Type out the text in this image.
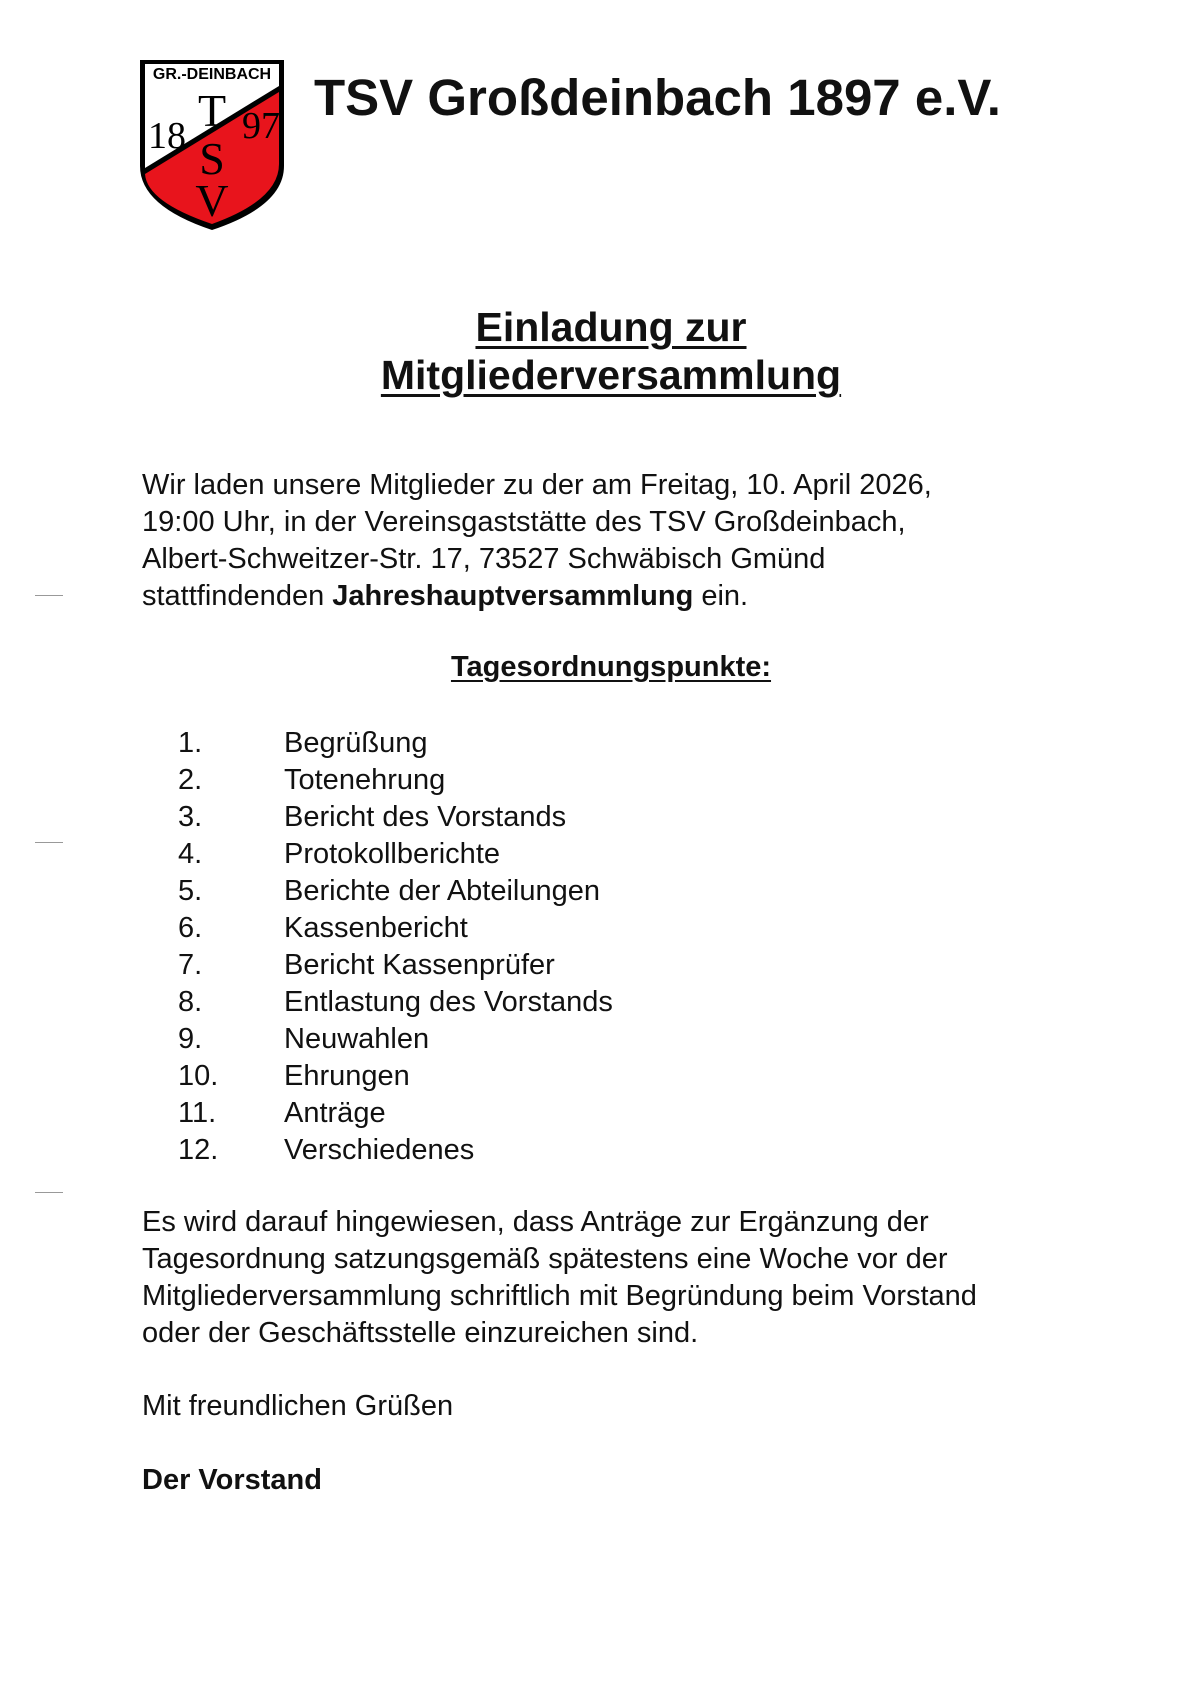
GR.-DEINBACH
18 97
T
S
V
TSV Großdeinbach 1897 e.V.
Einladung zur
Mitgliederversammlung

Wir laden unsere Mitglieder zu der am Freitag, 10. April 2026,

19:00 Uhr, in der Vereinsgaststätte des TSV Großdeinbach,

Albert-Schweitzer-Str. 17, 73527 Schwäbisch Gmünd

stattfindenden Jahreshauptversammlung ein.

Tagesordnungspunkte:
1.	Begrüßung
2.	Totenehrung
3.	Bericht des Vorstands
4.	Protokollberichte
5.	Berichte der Abteilungen
6.	Kassenbericht
7.	Bericht Kassenprüfer
8.	Entlastung des Vorstands
9.	Neuwahlen
10.	Ehrungen
11.	Anträge
12.	Verschiedenes

Es wird darauf hingewiesen, dass Anträge zur Ergänzung der

Tagesordnung satzungsgemäß spätestens eine Woche vor der

Mitgliederversammlung schriftlich mit Begründung beim Vorstand

oder der Geschäftsstelle einzureichen sind.

Mit freundlichen Grüßen
Der Vorstand
